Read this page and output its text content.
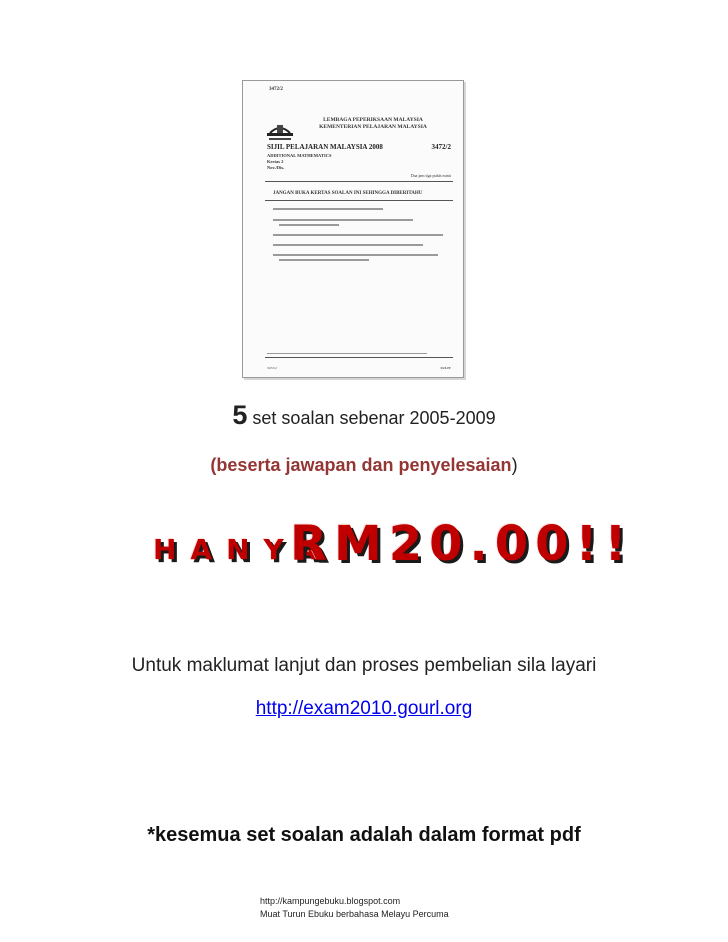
3472/2
LEMBAGA PEPERIKSAAN MALAYSIA
KEMENTERIAN PELAJARAN MALAYSIA
SIJIL PELAJARAN MALAYSIA 2008	3472/2
ADDITIONAL MATHEMATICS
Kertas 2
Nov./Dis.
Dua jam tiga puluh minit
JANGAN BUKA KERTAS SOALAN INI SEHINGGA DIBERITAHU
3472/2	SULIT
5 set soalan sebenar 2005-2009
(beserta jawapan dan penyelesaian)
HANYA
RM20.00!!
Untuk maklumat lanjut dan proses pembelian sila layari
http://exam2010.gourl.org
*kesemua set soalan adalah dalam format pdf
http://kampungebuku.blogspot.com
Muat Turun Ebuku berbahasa Melayu Percuma
